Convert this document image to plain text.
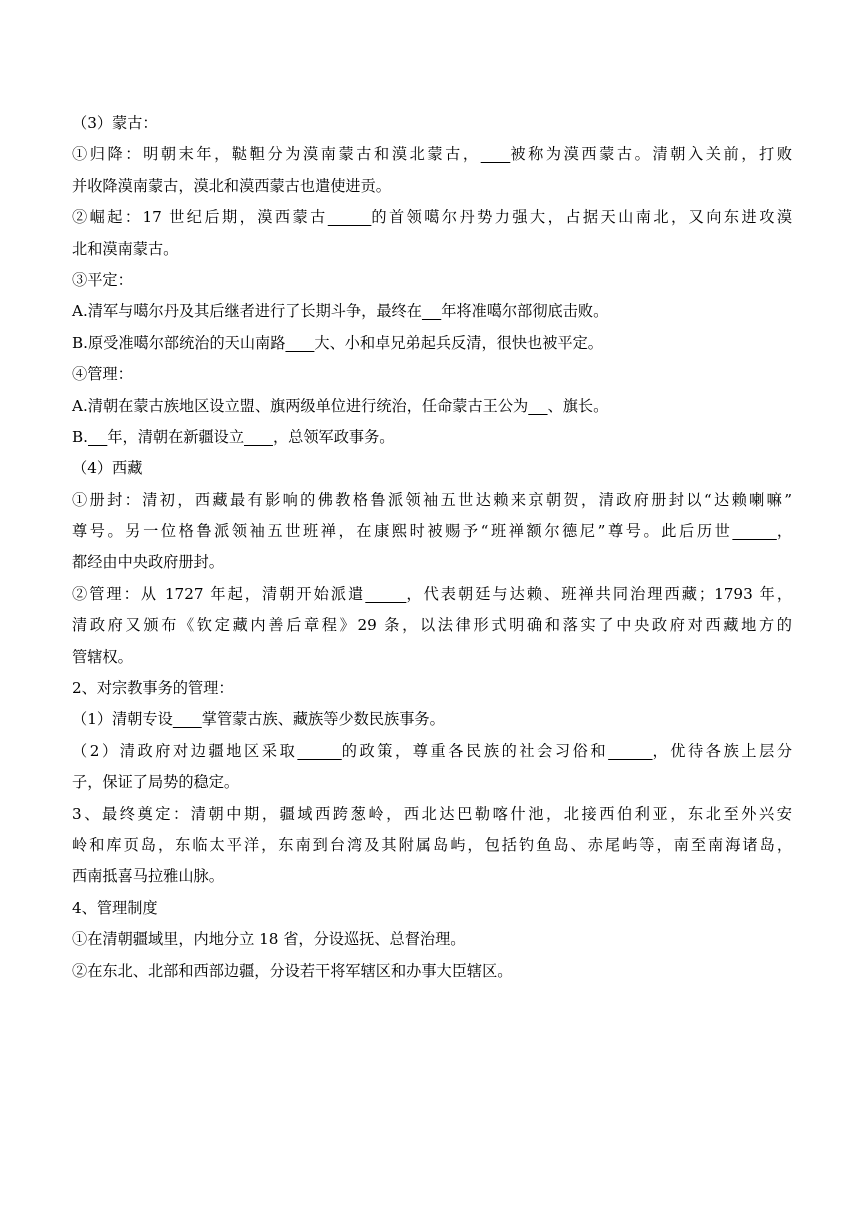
（3）蒙古：
①归降：明朝末年，鞑靼分为漠南蒙古和漠北蒙古， 被称为漠西蒙古。清朝入关前，打败
并收降漠南蒙古，漠北和漠西蒙古也遣使进贡。
②崛起：17 世纪后期，漠西蒙古	的首领噶尔丹势力强大，占据天山南北，又向东进攻漠
北和漠南蒙古。
③平定：
A.清军与噶尔丹及其后继者进行了长期斗争，最终在 年将准噶尔部彻底击败。
B.原受准噶尔部统治的天山南路 大、小和卓兄弟起兵反清，很快也被平定。
④管理：
A.清朝在蒙古族地区设立盟、旗两级单位进行统治，任命蒙古王公为 、旗长。
B. 年，清朝在新疆设立 ，总领军政事务。
（4）西藏
①册封：清初，西藏最有影响的佛教格鲁派领袖五世达赖来京朝贺，清政府册封以“达赖喇嘛”
尊号。另一位格鲁派领袖五世班禅，在康熙时被赐予“班禅额尔德尼”尊号。此后历世	，
都经由中央政府册封。
②管理：从 1727 年起，清朝开始派遣	，代表朝廷与达赖、班禅共同治理西藏；1793 年，
清政府又颁布《钦定藏内善后章程》29 条，以法律形式明确和落实了中央政府对西藏地方的
管辖权。
2、对宗教事务的管理：
（1）清朝专设 掌管蒙古族、藏族等少数民族事务。
（2）清政府对边疆地区采取	的政策，尊重各民族的社会习俗和	，优待各族上层分
子，保证了局势的稳定。
3、最终奠定：清朝中期，疆域西跨葱岭，西北达巴勒喀什池，北接西伯利亚，东北至外兴安
岭和库页岛，东临太平洋，东南到台湾及其附属岛屿，包括钓鱼岛、赤尾屿等，南至南海诸岛，
西南抵喜马拉雅山脉。
4、管理制度
①在清朝疆域里，内地分立 18 省，分设巡抚、总督治理。
②在东北、北部和西部边疆，分设若干将军辖区和办事大臣辖区。
